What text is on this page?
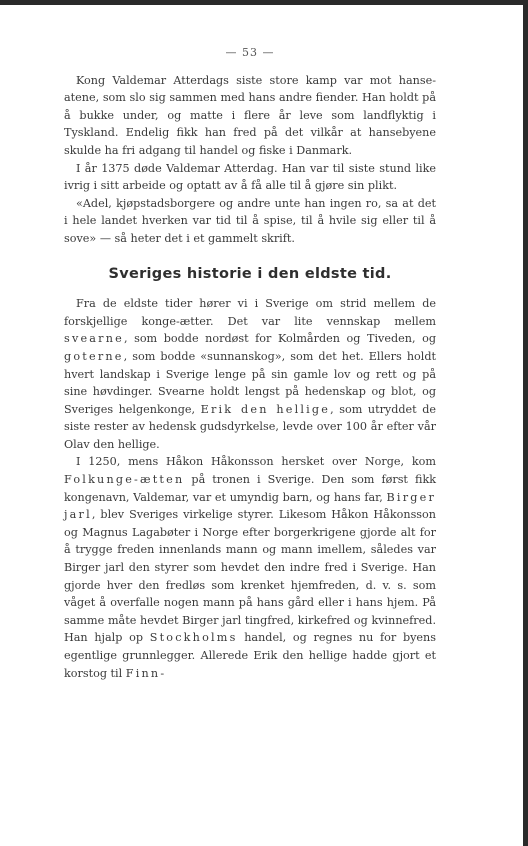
— 53 —

Kong Valdemar Atterdags siste store kamp var mot hanseatene, som slo sig sammen med hans andre fiender. Han holdt på å bukke under, og matte i flere år leve som landflyktig i Tyskland. Endelig fikk han fred på det vilkår at hansebyene skulde ha fri adgang til handel og fiske i Danmark.

I år 1375 døde Valdemar Atterdag. Han var til siste stund like ivrig i sitt arbeide og optatt av å få alle til å gjøre sin plikt.

«Adel, kjøpstadsborgere og andre unte han ingen ro, sa at det i hele landet hverken var tid til å spise, til å hvile sig eller til å sove» — så heter det i et gammelt skrift.

Sveriges historie i den eldste tid.

Fra de eldste tider hører vi i Sverige om strid mellem de forskjellige konge-ætter. Det var lite vennskap mellem svearne, som bodde nordøst for Kolmården og Tiveden, og goterne, som bodde «sunnanskog», som det het. Ellers holdt hvert landskap i Sverige lenge på sin gamle lov og rett og på sine høvdinger. Svearne holdt lengst på hedenskap og blot, og Sveriges helgenkonge, Erik den hellige, som utryddet de siste rester av hedensk gudsdyrkelse, levde over 100 år efter vår Olav den hellige.

I 1250, mens Håkon Håkonsson hersket over Norge, kom Folkunge-ætten på tronen i Sverige. Den som først fikk kongenavn, Valdemar, var et umyndig barn, og hans far, Birger jarl, blev Sveriges virkelige styrer. Likesom Håkon Håkonsson og Magnus Lagabøter i Norge efter borgerkrigene gjorde alt for å trygge freden innenlands mann og mann imellem, således var Birger jarl den styrer som hevdet den indre fred i Sverige. Han gjorde hver den fredløs som krenket hjemfreden, d. v. s. som våget å overfalle nogen mann på hans gård eller i hans hjem. På samme måte hevdet Birger jarl tingfred, kirkefred og kvinnefred. Han hjalp op Stockholms handel, og regnes nu for byens egentlige grunnlegger. Allerede Erik den hellige hadde gjort et korstog til Finn-
